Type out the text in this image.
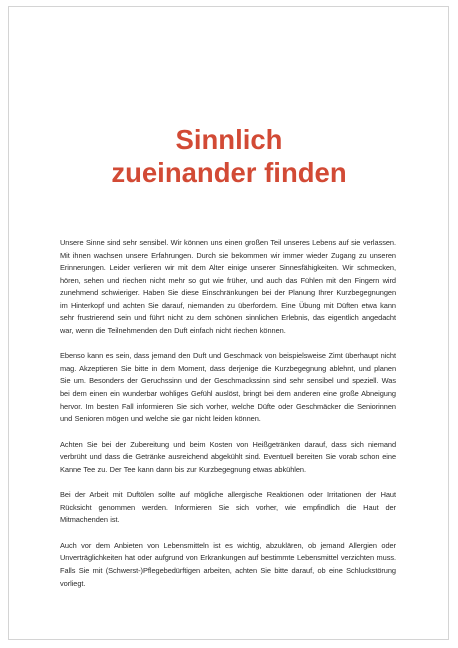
Sinnlich
zueinander finden

Unsere Sinne sind sehr sensibel. Wir können uns einen großen Teil unseres Lebens auf sie verlassen. Mit ihnen wachsen unsere Erfahrungen. Durch sie bekommen wir immer wieder Zugang zu unseren Erinnerungen. Leider verlieren wir mit dem Alter einige unserer Sinnesfähigkeiten. Wir schmecken, hören, sehen und riechen nicht mehr so gut wie früher, und auch das Fühlen mit den Fingern wird zunehmend schwieriger. Haben Sie diese Einschränkungen bei der Planung Ihrer Kurzbegegnungen im Hinterkopf und achten Sie darauf, niemanden zu überfordern. Eine Übung mit Düften etwa kann sehr frustrierend sein und führt nicht zu dem schönen sinnlichen Erlebnis, das eigentlich angedacht war, wenn die Teilnehmenden den Duft einfach nicht riechen können.

Ebenso kann es sein, dass jemand den Duft und Geschmack von beispielsweise Zimt überhaupt nicht mag. Akzeptieren Sie bitte in dem Moment, dass derjenige die Kurzbegegnung ablehnt, und planen Sie um. Besonders der Geruchssinn und der Geschmackssinn sind sehr sensibel und speziell. Was bei dem einen ein wunderbar wohliges Gefühl auslöst, bringt bei dem anderen eine große Abneigung hervor. Im besten Fall informieren Sie sich vorher, welche Düfte oder Geschmäcker die Seniorinnen und Senioren mögen und welche sie gar nicht leiden können.

Achten Sie bei der Zubereitung und beim Kosten von Heißgetränken darauf, dass sich niemand verbrüht und dass die Getränke ausreichend abgekühlt sind. Eventuell bereiten Sie vorab schon eine Kanne Tee zu. Der Tee kann dann bis zur Kurzbegegnung etwas abkühlen.

Bei der Arbeit mit Duftölen sollte auf mögliche allergische Reaktionen oder Irritationen der Haut Rücksicht genommen werden. Informieren Sie sich vorher, wie empfindlich die Haut der Mitmachenden ist.

Auch vor dem Anbieten von Lebensmitteln ist es wichtig, abzuklären, ob jemand Allergien oder Unverträglichkeiten hat oder aufgrund von Erkrankungen auf bestimmte Lebensmittel verzichten muss. Falls Sie mit (Schwerst-)Pflegebedürftigen arbeiten, achten Sie bitte darauf, ob eine Schluckstörung vorliegt.
